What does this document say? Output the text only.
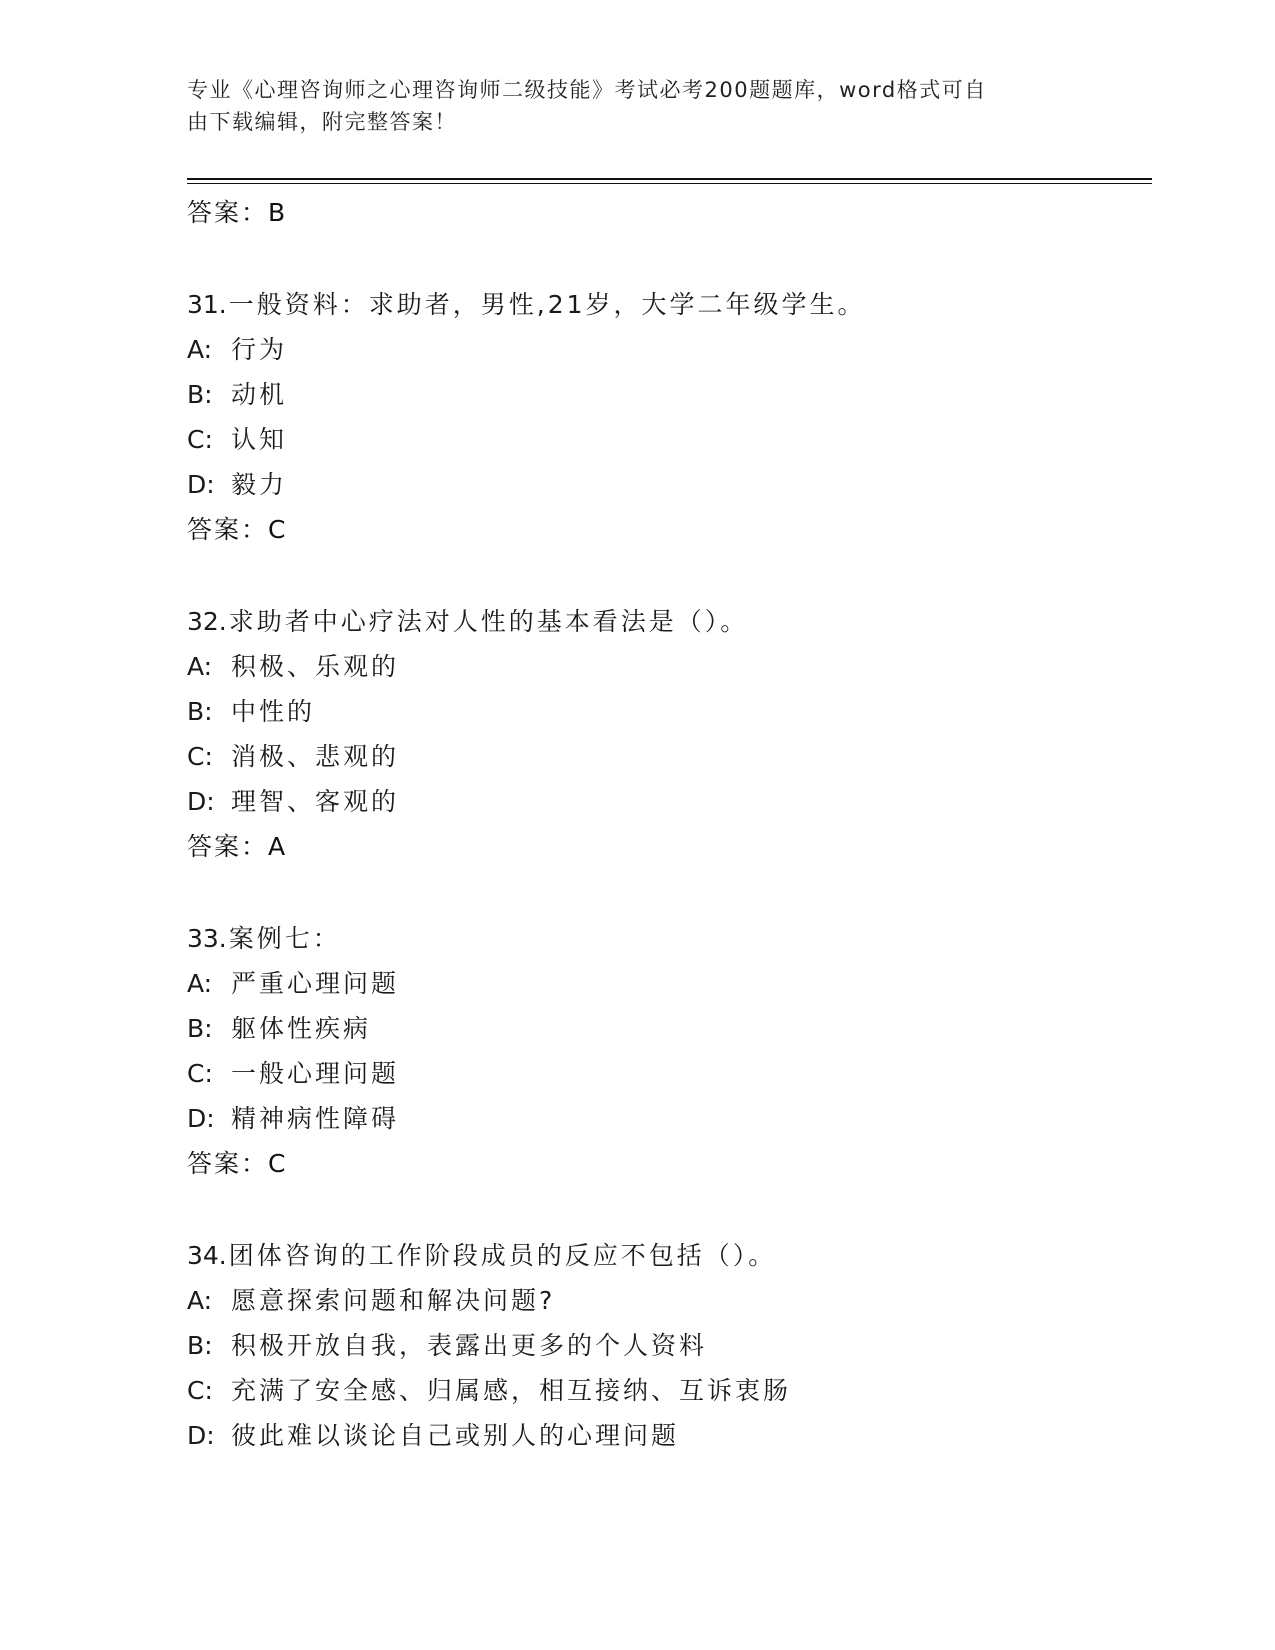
专业《心理咨询师之心理咨询师二级技能》考试必考200题题库，word格式可自
由下载编辑，附完整答案！
答案：B
31.一般资料：求助者，男性,21岁，大学二年级学生。
A: 行为
B: 动机
C: 认知
D: 毅力
答案：C
32.求助者中心疗法对人性的基本看法是（）。
A: 积极、乐观的
B: 中性的
C: 消极、悲观的
D: 理智、客观的
答案：A
33.案例七：
A: 严重心理问题
B: 躯体性疾病
C: 一般心理问题
D: 精神病性障碍
答案：C
34.团体咨询的工作阶段成员的反应不包括（）。
A: 愿意探索问题和解决问题?
B: 积极开放自我，表露出更多的个人资料
C: 充满了安全感、归属感，相互接纳、互诉衷肠
D: 彼此难以谈论自己或别人的心理问题
